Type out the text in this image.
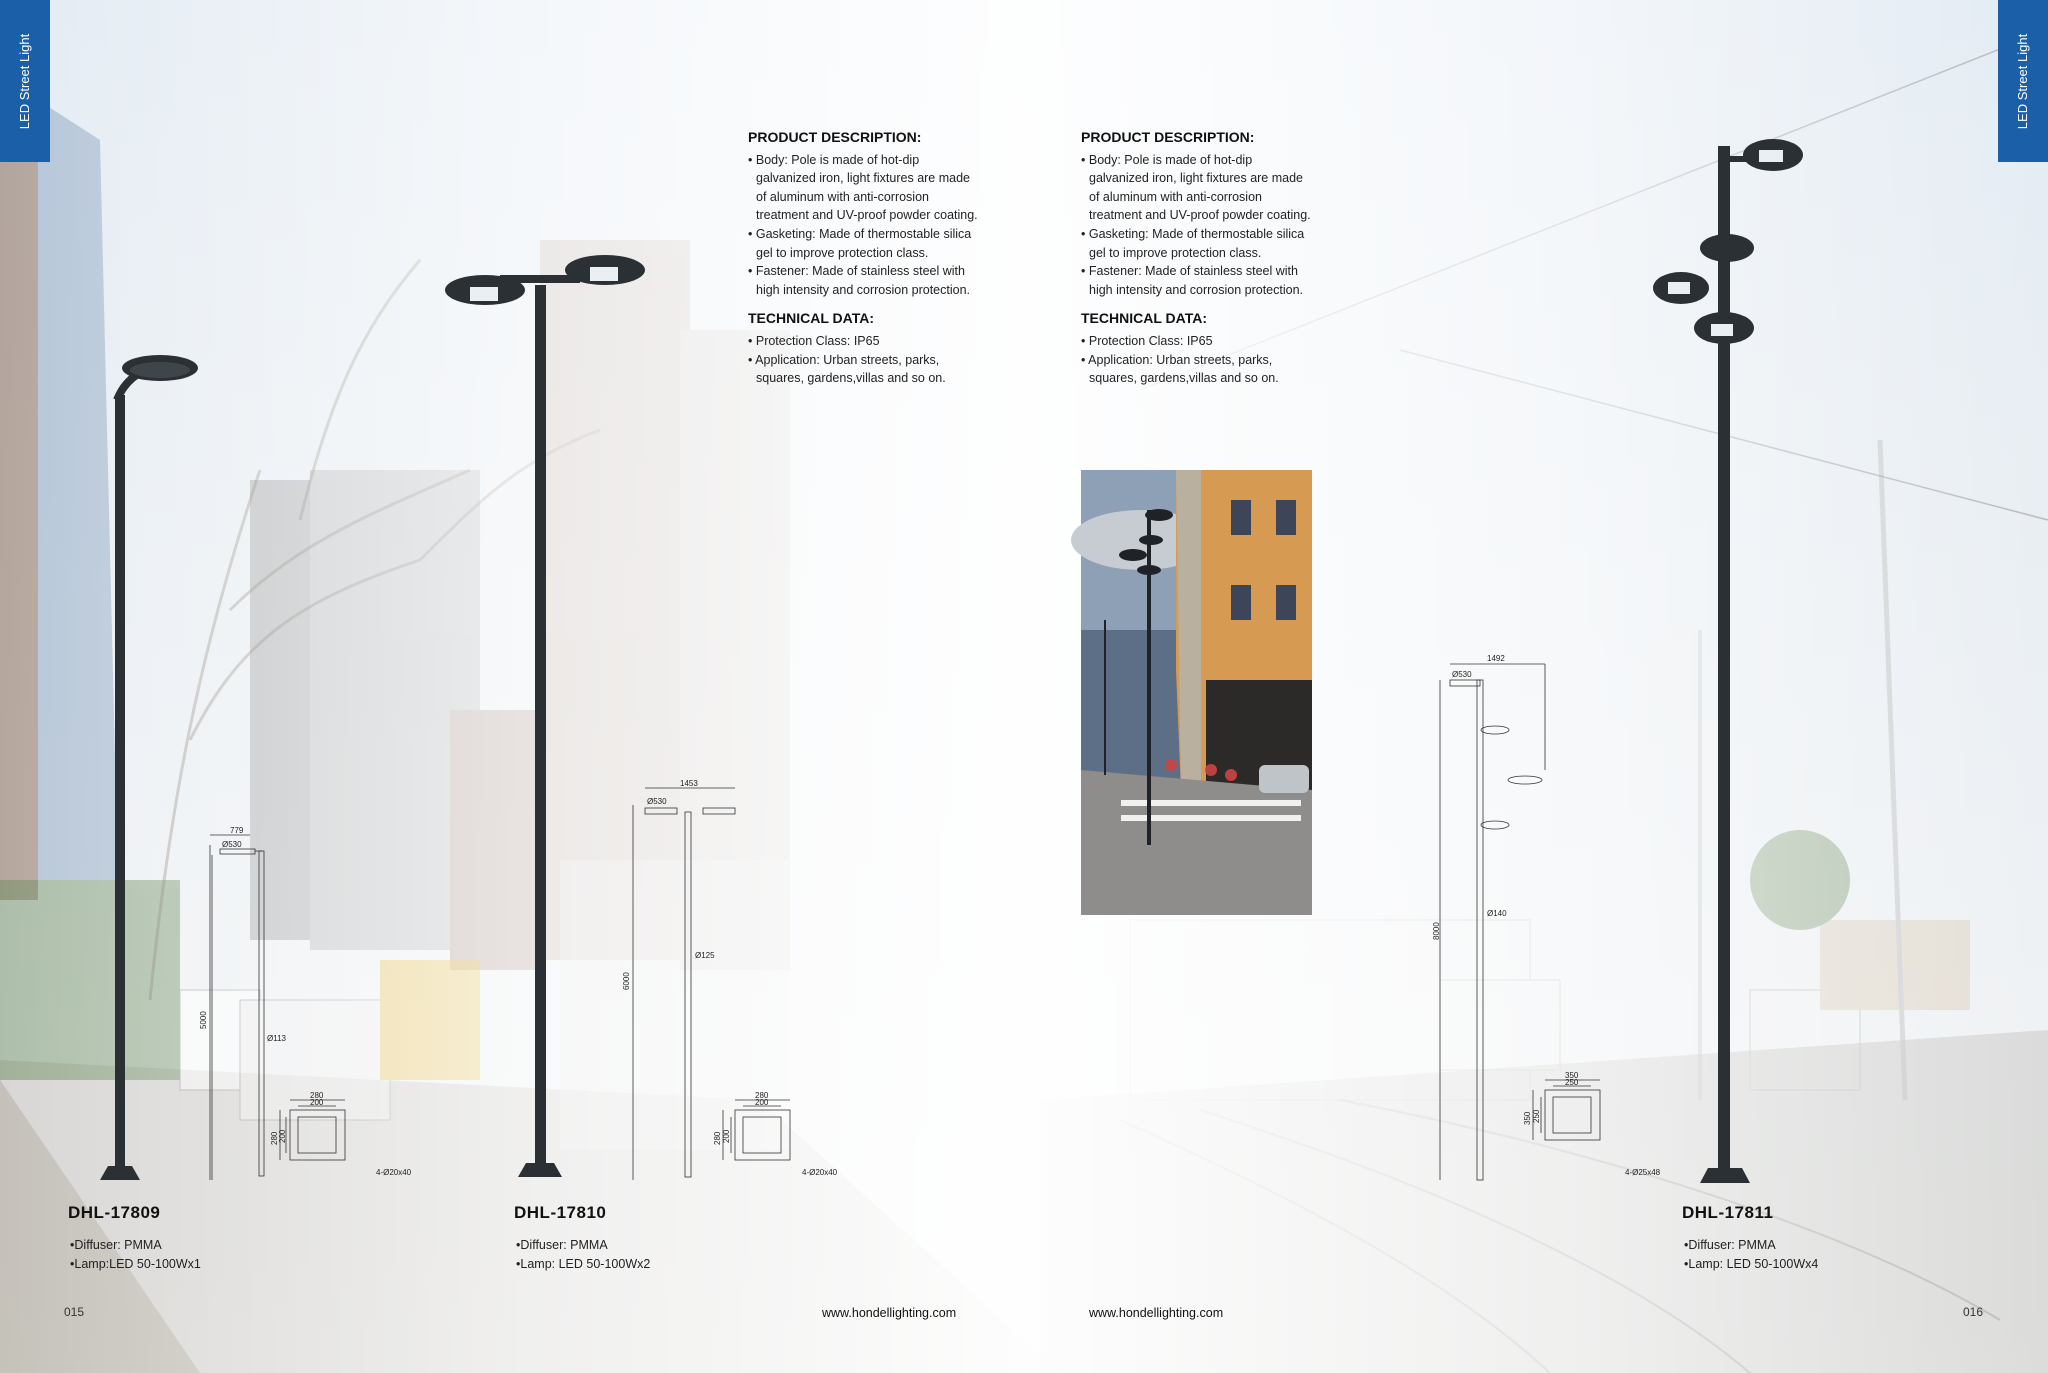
LED Street Light	LED Street Light
PRODUCT DESCRIPTION:
• Body: Pole is made of hot-dip galvanized iron, light fixtures are made of aluminum with anti-corrosion treatment and UV-proof powder coating.
• Gasketing: Made of thermostable silica gel to improve protection class.
• Fastener: Made of stainless steel with high intensity and corrosion protection.
TECHNICAL DATA:
• Protection Class: IP65
• Application: Urban streets, parks, squares, gardens,villas and so on.
PRODUCT DESCRIPTION:
• Body: Pole is made of hot-dip galvanized iron, light fixtures are made of aluminum with anti-corrosion treatment and UV-proof powder coating.
• Gasketing: Made of thermostable silica gel to improve protection class.
• Fastener: Made of stainless steel with high intensity and corrosion protection.
TECHNICAL DATA:
• Protection Class: IP65
• Application: Urban streets, parks, squares, gardens,villas and so on.
779
Ø530
5000
Ø113
280
200
280 200
4-Ø20x40
1453
Ø530
6000
Ø125
280
200
280 200
4-Ø20x40
1492
Ø530
8000
Ø140
350
250
350 250
4-Ø25x48
DHL-17809
• Diffuser: PMMA
• Lamp:LED 50-100Wx1
DHL-17810
• Diffuser: PMMA
• Lamp: LED 50-100Wx2
DHL-17811
• Diffuser: PMMA
• Lamp: LED 50-100Wx4
015	www.hondellighting.com	www.hondellighting.com	016
